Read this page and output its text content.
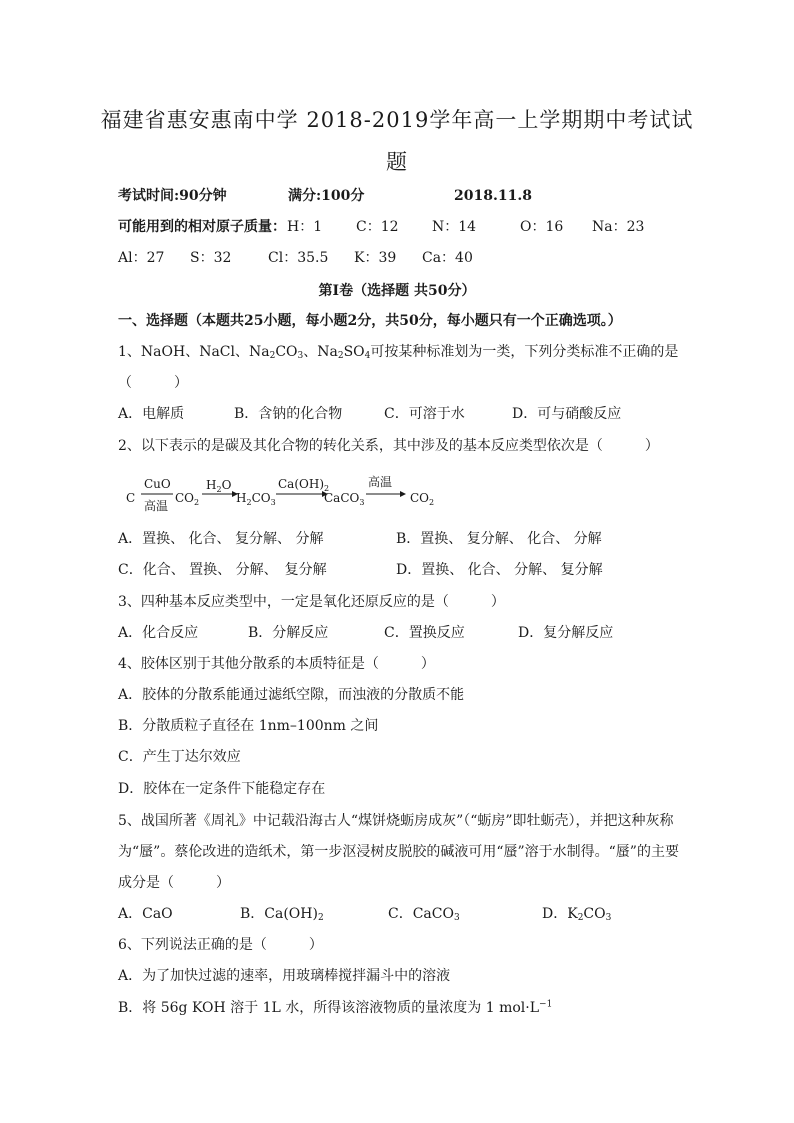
福建省惠安惠南中学 2018-2019学年高一上学期期中考试试
题
考试时间:90分钟	满分:100分	2018.11.8
可能用到的相对原子质量： H：1 C：12 N：14	O：16 Na：23
Al：27 S：32	Cl：35.5 K：39 Ca：40
第Ⅰ卷（选择题 共50分）
一、选择题（本题共25小题，每小题2分，共50分，每小题只有一个正确选项。）
1、NaOH、NaCl、$Na_2CO_3$、$Na_2SO_4$可按某种标准划为一类，下列分类标准不正确的是
（　　　）
A．电解质	B．含钠的化合物	C．可溶于水	D．可与硝酸反应
2、以下表示的是碳及其化合物的转化关系，其中涉及的基本反应类型依次是（　　　）
C
CuO
高温
$CO_2$
$H_2O$
$H_2CO_3$
$Ca(OH)_2$
CaCO$_3$
高温
$CO_2$
A．置换、 化合、 复分解、 分解	B．置换、 复分解、 化合、 分解
C．化合、 置换、 分解、　复分解	D．置换、 化合、 分解、 复分解
3、四种基本反应类型中，一定是氧化还原反应的是（　　　）
A．化合反应	B．分解反应	C．置换反应	D．复分解反应
4、胶体区别于其他分散系的本质特征是（　　　）
A．胶体的分散系能通过滤纸空隙，而浊液的分散质不能
B．分散质粒子直径在 1nm–100nm 之间
C．产生丁达尔效应
D．胶体在一定条件下能稳定存在
5、战国所著《周礼》中记载沿海古人“煤饼烧蛎房成灰”（“蛎房”即牡蛎壳），并把这种灰称
为“蜃”。蔡伦改进的造纸术，第一步沤浸树皮脱胶的碱液可用“蜃”溶于水制得。“蜃”的主要
成分是（　　　）
A．CaO	B．$Ca(OH)_2$	C．CaCO$_3$	D．$K_2CO_3$
6、下列说法正确的是（　　　）
A．为了加快过滤的速率，用玻璃棒搅拌漏斗中的溶液
B．将 56g KOH 溶于 1L 水，所得该溶液物质的量浓度为 1 $mol\cdot L^{-1}$
